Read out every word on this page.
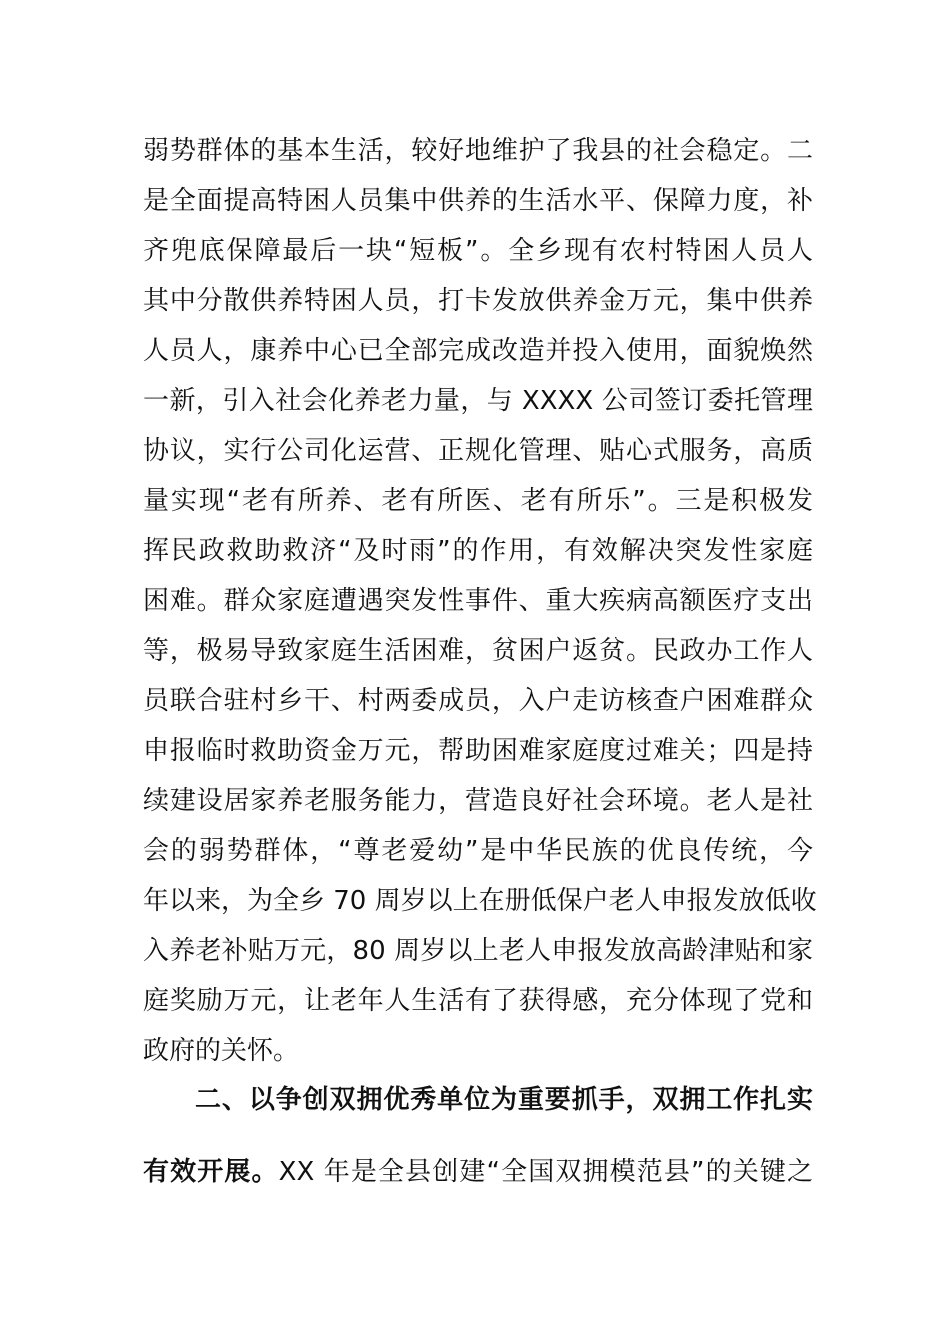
弱势群体的基本生活，较好地维护了我县的社会稳定。二
是全面提高特困人员集中供养的生活水平、保障力度，补
齐兜底保障最后一块“短板”。全乡现有农村特困人员人
其中分散供养特困人员，打卡发放供养金万元，集中供养
人员人，康养中心已全部完成改造并投入使用，面貌焕然
一新，引入社会化养老力量，与 XXXX 公司签订委托管理
协议，实行公司化运营、正规化管理、贴心式服务，高质
量实现“老有所养、老有所医、老有所乐”。三是积极发
挥民政救助救济“及时雨”的作用，有效解决突发性家庭
困难。群众家庭遭遇突发性事件、重大疾病高额医疗支出
等，极易导致家庭生活困难，贫困户返贫。民政办工作人
员联合驻村乡干、村两委成员，入户走访核查户困难群众
申报临时救助资金万元，帮助困难家庭度过难关；四是持
续建设居家养老服务能力，营造良好社会环境。老人是社
会的弱势群体，“尊老爱幼”是中华民族的优良传统，今
年以来，为全乡 70 周岁以上在册低保户老人申报发放低收
入养老补贴万元，80 周岁以上老人申报发放高龄津贴和家
庭奖励万元，让老年人生活有了获得感，充分体现了党和
政府的关怀。
二、以争创双拥优秀单位为重要抓手，双拥工作扎实
有效开展。XX 年是全县创建“全国双拥模范县”的关键之
